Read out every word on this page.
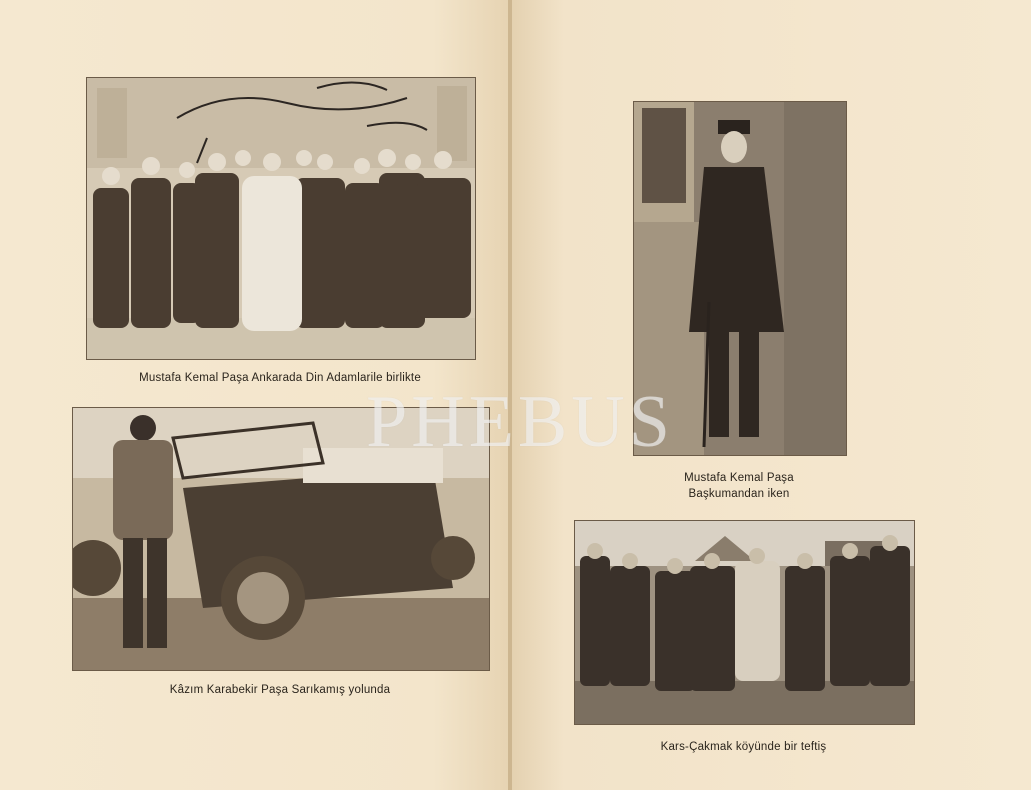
Mustafa Kemal Paşa Ankarada Din Adamlarile birlikte
Kâzım Karabekir Paşa Sarıkamış yolunda
Mustafa Kemal Paşa
Başkumandan iken
Kars-Çakmak köyünde bir teftiş
PHEBUS
